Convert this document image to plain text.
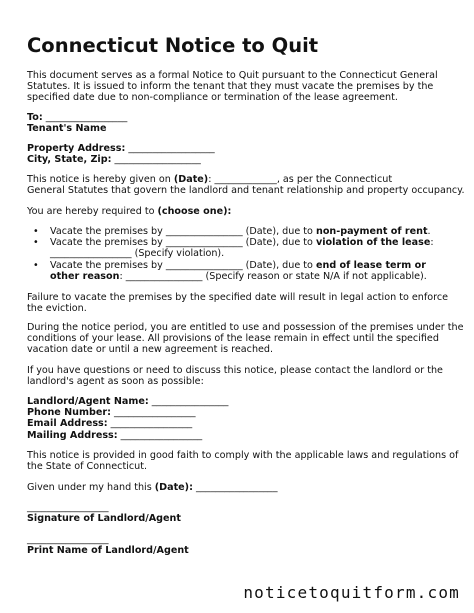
Connecticut Notice to Quit
This document serves as a formal Notice to Quit pursuant to the Connecticut General
Statutes. It is issued to inform the tenant that they must vacate the premises by the
specified date due to non-compliance or termination of the lease agreement.
To: _________________
Tenant's Name
Property Address: __________________
City, State, Zip: __________________
This notice is hereby given on (Date): _____________, as per the Connecticut
General Statutes that govern the landlord and tenant relationship and property occupancy.
You are hereby required to (choose one):
• Vacate the premises by ________________ (Date), due to non-payment of rent.
• Vacate the premises by ________________ (Date), due to violation of the lease:
_________________ (Specify violation).
• Vacate the premises by ________________ (Date), due to end of lease term or
other reason: ________________ (Specify reason or state N/A if not applicable).
Failure to vacate the premises by the specified date will result in legal action to enforce
the eviction.
During the notice period, you are entitled to use and possession of the premises under the
conditions of your lease. All provisions of the lease remain in effect until the specified
vacation date or until a new agreement is reached.
If you have questions or need to discuss this notice, please contact the landlord or the
landlord's agent as soon as possible:
Landlord/Agent Name: ________________
Phone Number: _________________
Email Address: _________________
Mailing Address: _________________
This notice is provided in good faith to comply with the applicable laws and regulations of
the State of Connecticut.
Given under my hand this (Date): _________________
_________________
Signature of Landlord/Agent
_________________
Print Name of Landlord/Agent
noticetoquitform.com
